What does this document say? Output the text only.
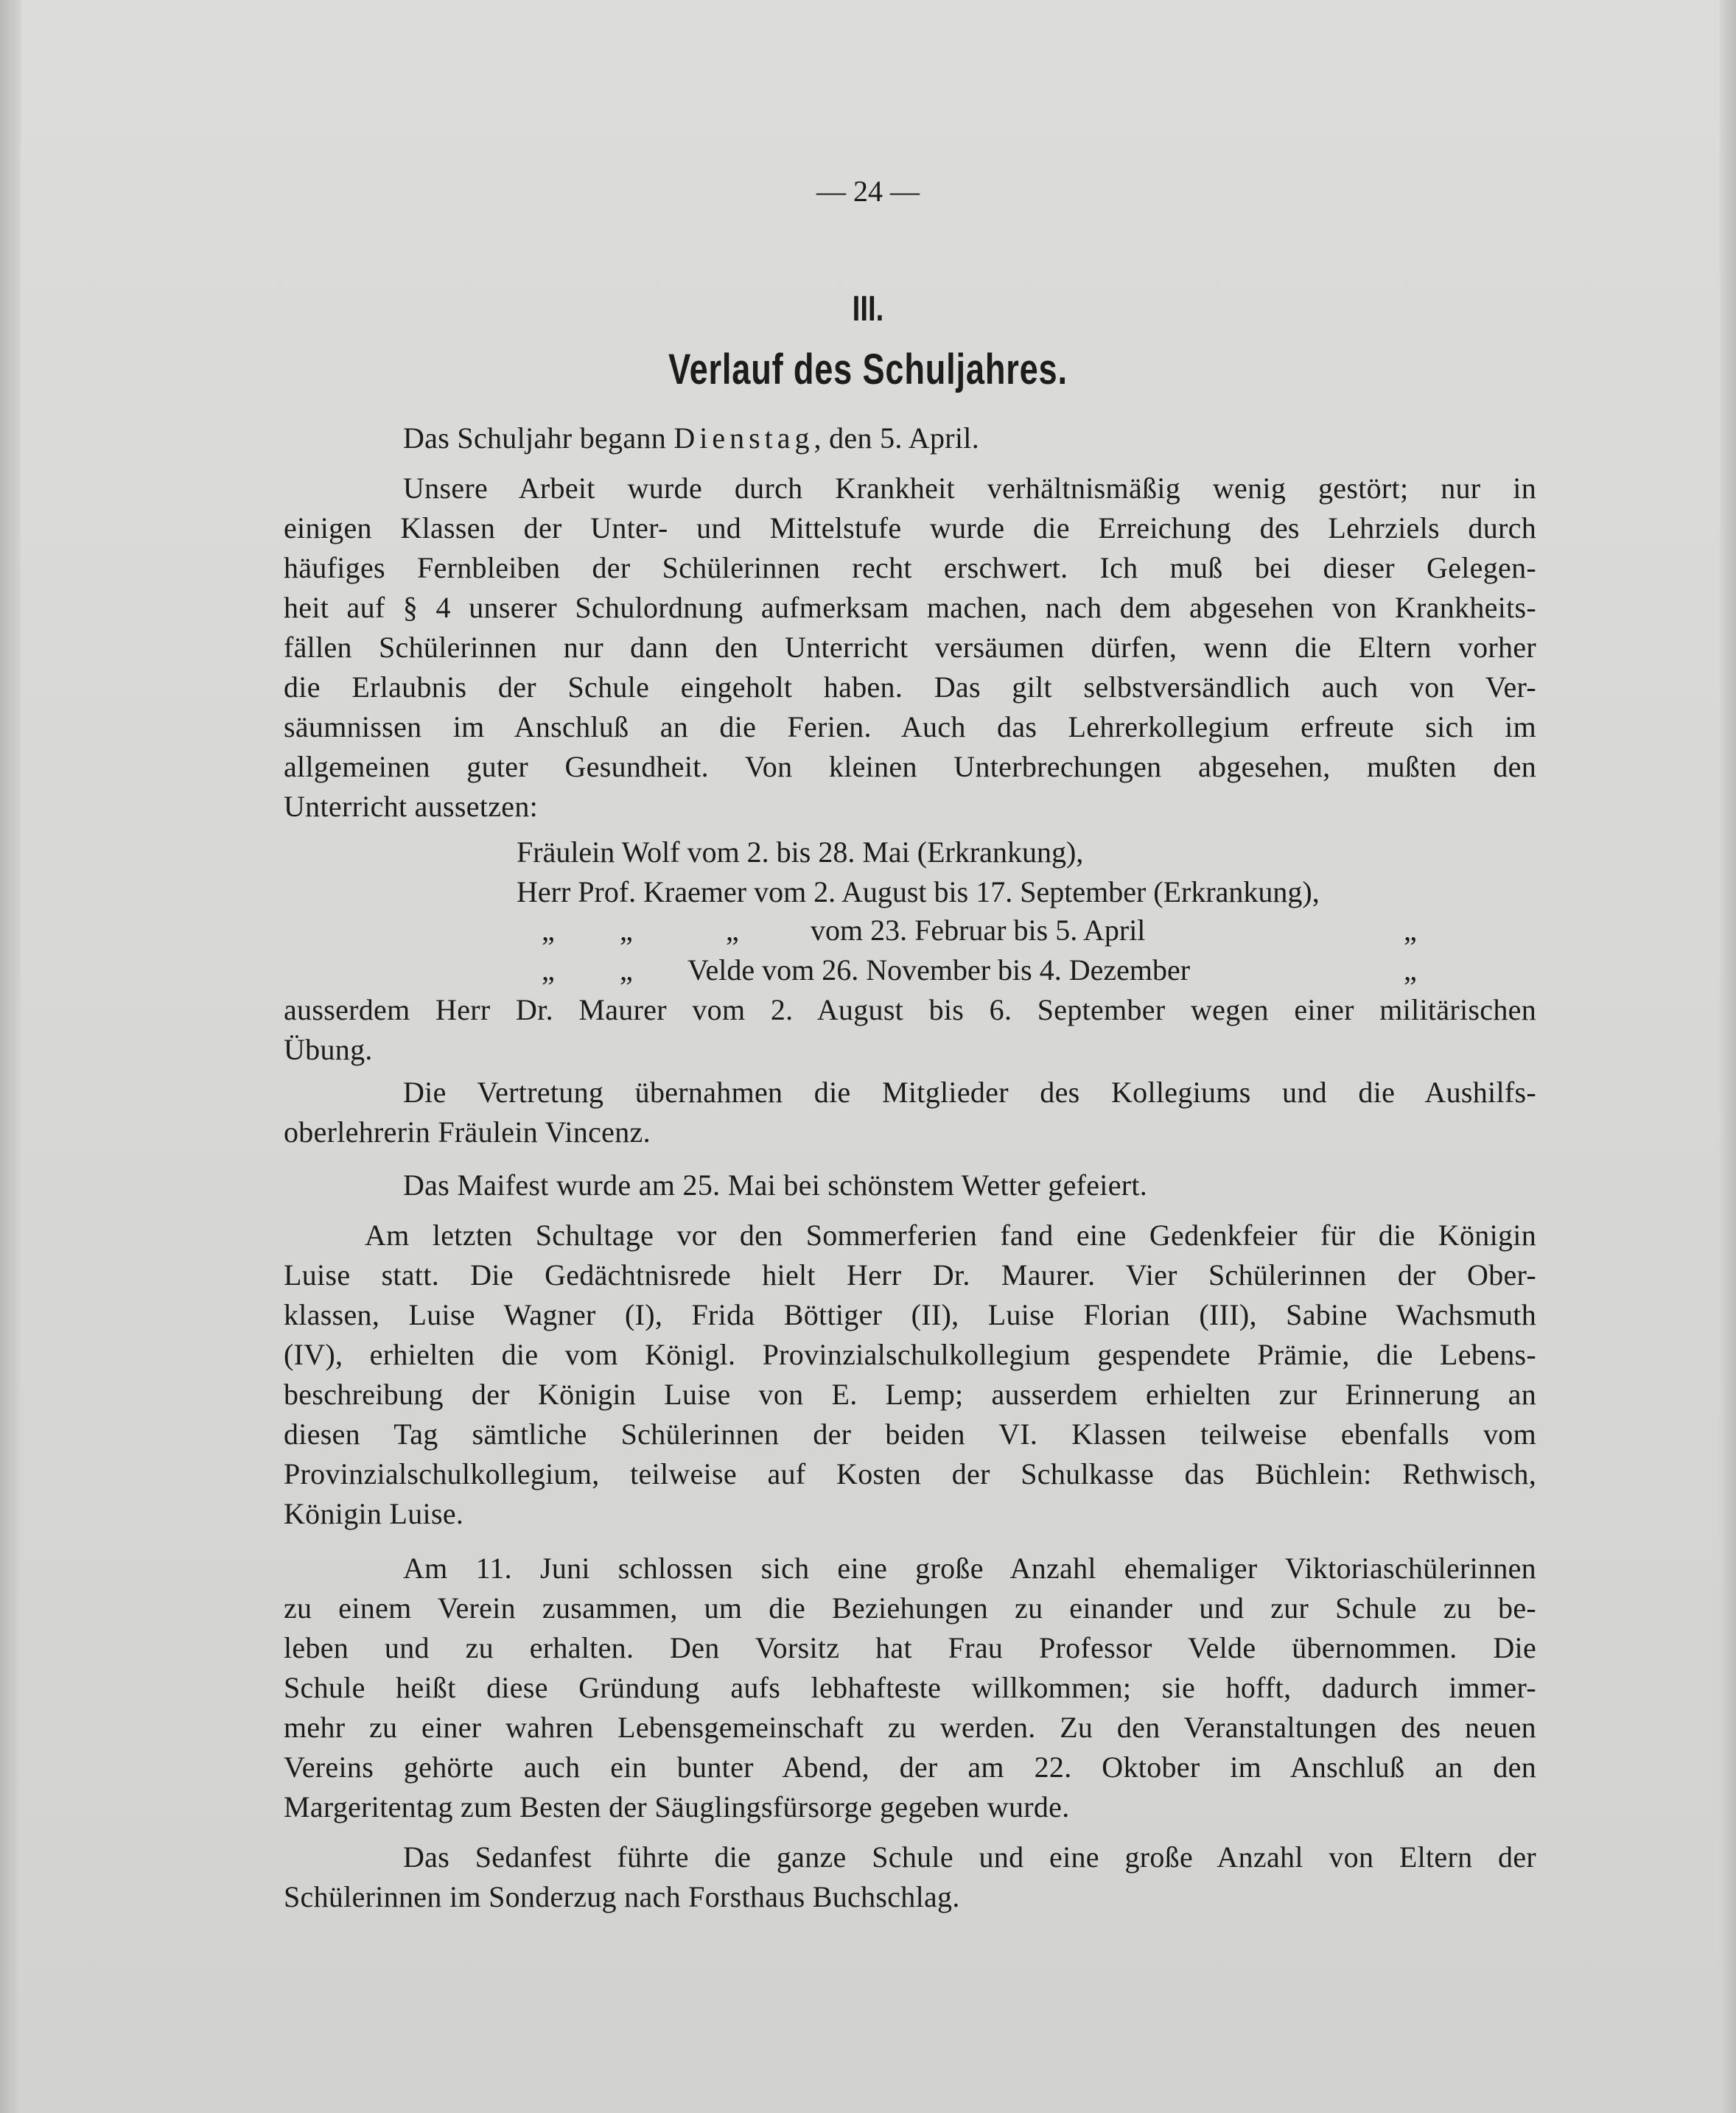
— 24 —
III.
Verlauf des Schuljahres.
Das Schuljahr begann Dienstag, den 5. April.
Unsere Arbeit wurde durch Krankheit verhältnismäßig wenig gestört; nur in
einigen Klassen der Unter- und Mittelstufe wurde die Erreichung des Lehrziels durch
häufiges Fernbleiben der Schülerinnen recht erschwert. Ich muß bei dieser Gelegen-
heit auf § 4 unserer Schulordnung aufmerksam machen, nach dem abgesehen von Krankheits-
fällen Schülerinnen nur dann den Unterricht versäumen dürfen, wenn die Eltern vorher
die Erlaubnis der Schule eingeholt haben. Das gilt selbstversändlich auch von Ver-
säumnissen im Anschluß an die Ferien. Auch das Lehrerkollegium erfreute sich im
allgemeinen guter Gesundheit. Von kleinen Unterbrechungen abgesehen, mußten den
Unterricht aussetzen:
Fräulein Wolf vom 2. bis 28. Mai (Erkrankung),
Herr Prof. Kraemer vom 2. August bis 17. September (Erkrankung),
„ „	„ vom 23. Februar bis 5. April	„
„ „ Velde vom 26. November bis 4. Dezember	„
ausserdem Herr Dr. Maurer vom 2. August bis 6. September wegen einer militärischen
Übung.
Die Vertretung übernahmen die Mitglieder des Kollegiums und die Aushilfs-
oberlehrerin Fräulein Vincenz.
Das Maifest wurde am 25. Mai bei schönstem Wetter gefeiert.
Am letzten Schultage vor den Sommerferien fand eine Gedenkfeier für die Königin
Luise statt. Die Gedächtnisrede hielt Herr Dr. Maurer. Vier Schülerinnen der Ober-
klassen, Luise Wagner (I), Frida Böttiger (II), Luise Florian (III), Sabine Wachsmuth
(IV), erhielten die vom Königl. Provinzialschulkollegium gespendete Prämie, die Lebens-
beschreibung der Königin Luise von E. Lemp; ausserdem erhielten zur Erinnerung an
diesen Tag sämtliche Schülerinnen der beiden VI. Klassen teilweise ebenfalls vom
Provinzialschulkollegium, teilweise auf Kosten der Schulkasse das Büchlein: Rethwisch,
Königin Luise.
Am 11. Juni schlossen sich eine große Anzahl ehemaliger Viktoriaschülerinnen
zu einem Verein zusammen, um die Beziehungen zu einander und zur Schule zu be-
leben und zu erhalten. Den Vorsitz hat Frau Professor Velde übernommen. Die
Schule heißt diese Gründung aufs lebhafteste willkommen; sie hofft, dadurch immer-
mehr zu einer wahren Lebensgemeinschaft zu werden. Zu den Veranstaltungen des neuen
Vereins gehörte auch ein bunter Abend, der am 22. Oktober im Anschluß an den
Margeritentag zum Besten der Säuglingsfürsorge gegeben wurde.
Das Sedanfest führte die ganze Schule und eine große Anzahl von Eltern der
Schülerinnen im Sonderzug nach Forsthaus Buchschlag.
